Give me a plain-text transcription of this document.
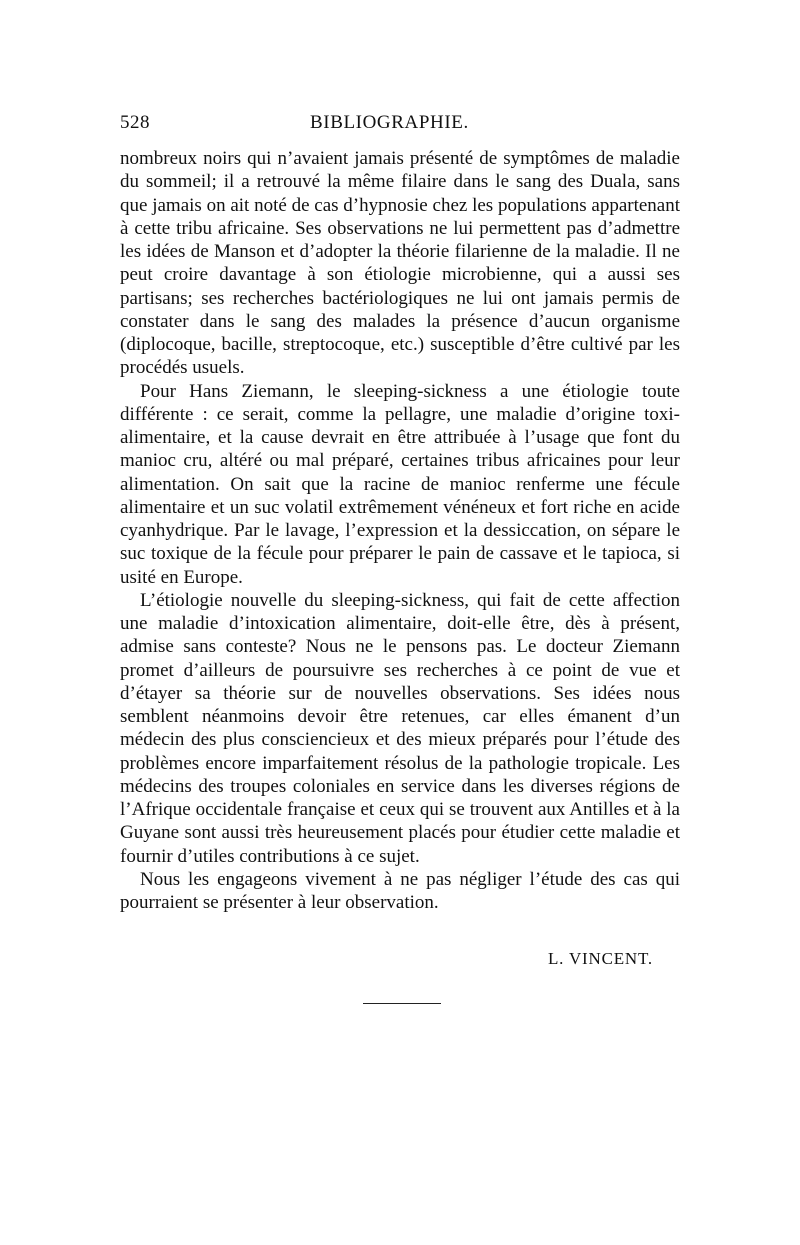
528	BIBLIOGRAPHIE.

nombreux noirs qui n’avaient jamais présenté de symptômes de maladie du sommeil; il a retrouvé la même filaire dans le sang des Duala, sans que jamais on ait noté de cas d’hypnosie chez les populations appartenant à cette tribu africaine. Ses observations ne lui permettent pas d’admettre les idées de Manson et d’adopter la théorie filarienne de la maladie. Il ne peut croire davantage à son étiologie microbienne, qui a aussi ses partisans; ses recherches bactériologiques ne lui ont jamais permis de constater dans le sang des malades la présence d’aucun organisme (diplocoque, bacille, streptocoque, etc.) susceptible d’être cultivé par les procédés usuels.

Pour Hans Ziemann, le sleeping-sickness a une étiologie toute différente : ce serait, comme la pellagre, une maladie d’origine toxi-alimentaire, et la cause devrait en être attribuée à l’usage que font du manioc cru, altéré ou mal préparé, certaines tribus africaines pour leur alimentation. On sait que la racine de manioc renferme une fécule alimentaire et un suc volatil extrêmement vénéneux et fort riche en acide cyanhydrique. Par le lavage, l’expression et la dessiccation, on sépare le suc toxique de la fécule pour préparer le pain de cassave et le tapioca, si usité en Europe.

L’étiologie nouvelle du sleeping-sickness, qui fait de cette affection une maladie d’intoxication alimentaire, doit-elle être, dès à présent, admise sans conteste? Nous ne le pensons pas. Le docteur Ziemann promet d’ailleurs de poursuivre ses recherches à ce point de vue et d’étayer sa théorie sur de nouvelles observations. Ses idées nous semblent néanmoins devoir être retenues, car elles émanent d’un médecin des plus consciencieux et des mieux préparés pour l’étude des problèmes encore imparfaitement résolus de la pathologie tropicale. Les médecins des troupes coloniales en service dans les diverses régions de l’Afrique occidentale française et ceux qui se trouvent aux Antilles et à la Guyane sont aussi très heureusement placés pour étudier cette maladie et fournir d’utiles contributions à ce sujet.

Nous les engageons vivement à ne pas négliger l’étude des cas qui pourraient se présenter à leur observation.

L. VINCENT.
